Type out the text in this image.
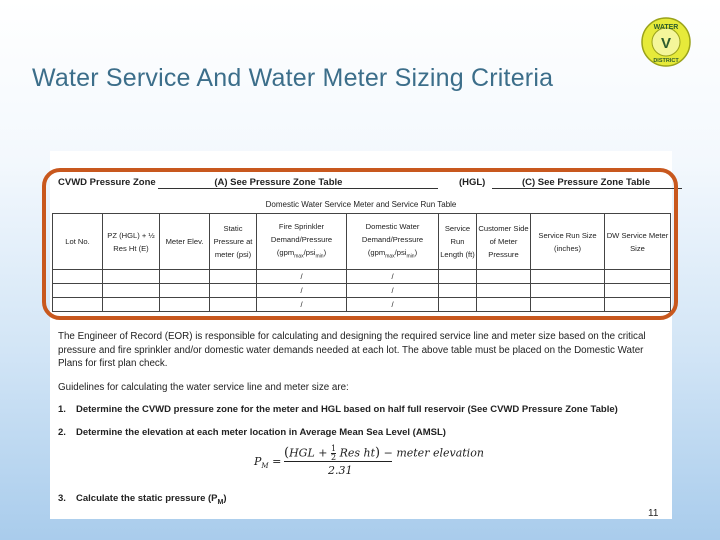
Water Service And Water Meter Sizing Criteria
WATER
V
DISTRICT
CVWD Pressure Zone	(A) See Pressure Zone Table	(HGL)	(C) See Pressure Zone Table
Domestic Water Service Meter and Service Run Table
Lot No.	PZ (HGL) + ½ Res Ht (E)	Meter Elev.	Static Pressure at meter (psi)	Fire Sprinkler Demand/Pressure (gpm$_{max}$/psi$_{min}$)	Domestic Water Demand/Pressure (gpm$_{max}$/psi$_{min}$)	Service Run Length (ft)	Customer Side of Meter Pressure	Service Run Size (inches)	DW Service Meter Size
				/	/				
				/	/				
				/	/				

The Engineer of Record (EOR) is responsible for calculating and designing the required service line and meter size based on the critical pressure and fire sprinkler and/or domestic water demands needed at each lot. The above table must be placed on the Domestic Water Plans for first plan check.

Guidelines for calculating the water service line and meter size are:

1. Determine the CVWD pressure zone for the meter and HGL based on half full reservoir (See CVWD Pressure Zone Table)

2. Determine the elevation at each meter location in Average Mean Sea Level (AMSL)

$P_M$ =
($HGL + \frac{1}{2}$ Res ht) − meter elevation
2.31
3. Calculate the static pressure $(P_M)$
11
